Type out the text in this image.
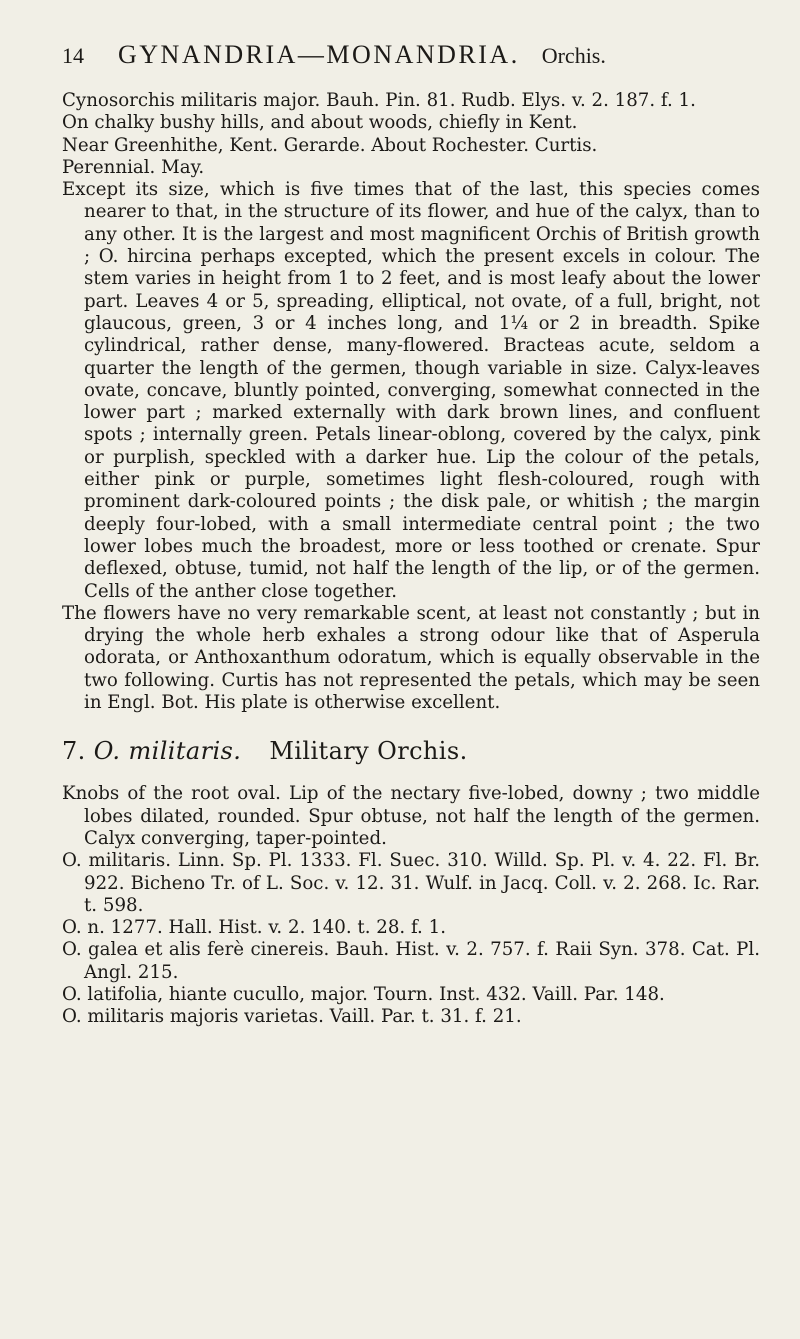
14	GYNANDRIA—MONANDRIA. Orchis.

Cynosorchis militaris major. Bauh. Pin. 81. Rudb. Elys. v. 2. 187. f. 1.

On chalky bushy hills, and about woods, chiefly in Kent.

Near Greenhithe, Kent. Gerarde. About Rochester. Curtis.

Perennial. May.

Except its size, which is five times that of the last, this species comes nearer to that, in the structure of its flower, and hue of the calyx, than to any other. It is the largest and most magnificent Orchis of British growth ; O. hircina perhaps excepted, which the present excels in colour. The stem varies in height from 1 to 2 feet, and is most leafy about the lower part. Leaves 4 or 5, spreading, elliptical, not ovate, of a full, bright, not glaucous, green, 3 or 4 inches long, and 1¼ or 2 in breadth. Spike cylindrical, rather dense, many-flowered. Bracteas acute, seldom a quarter the length of the germen, though variable in size. Calyx-leaves ovate, concave, bluntly pointed, converging, somewhat connected in the lower part ; marked externally with dark brown lines, and confluent spots ; internally green. Petals linear-oblong, covered by the calyx, pink or purplish, speckled with a darker hue. Lip the colour of the petals, either pink or purple, sometimes light flesh-coloured, rough with prominent dark-coloured points ; the disk pale, or whitish ; the margin deeply four-lobed, with a small intermediate central point ; the two lower lobes much the broadest, more or less toothed or crenate. Spur deflexed, obtuse, tumid, not half the length of the lip, or of the germen. Cells of the anther close together.

The flowers have no very remarkable scent, at least not constantly ; but in drying the whole herb exhales a strong odour like that of Asperula odorata, or Anthoxanthum odoratum, which is equally observable in the two following. Curtis has not represented the petals, which may be seen in Engl. Bot. His plate is otherwise excellent.

7. O. militaris. Military Orchis.

Knobs of the root oval. Lip of the nectary five-lobed, downy ; two middle lobes dilated, rounded. Spur obtuse, not half the length of the germen. Calyx converging, taper-pointed.

O. militaris. Linn. Sp. Pl. 1333. Fl. Suec. 310. Willd. Sp. Pl. v. 4. 22. Fl. Br. 922. Bicheno Tr. of L. Soc. v. 12. 31. Wulf. in Jacq. Coll. v. 2. 268. Ic. Rar. t. 598.

O. n. 1277. Hall. Hist. v. 2. 140. t. 28. f. 1.

O. galea et alis ferè cinereis. Bauh. Hist. v. 2. 757. f. Raii Syn. 378. Cat. Pl. Angl. 215.

O. latifolia, hiante cucullo, major. Tourn. Inst. 432. Vaill. Par. 148.

O. militaris majoris varietas. Vaill. Par. t. 31. f. 21.
